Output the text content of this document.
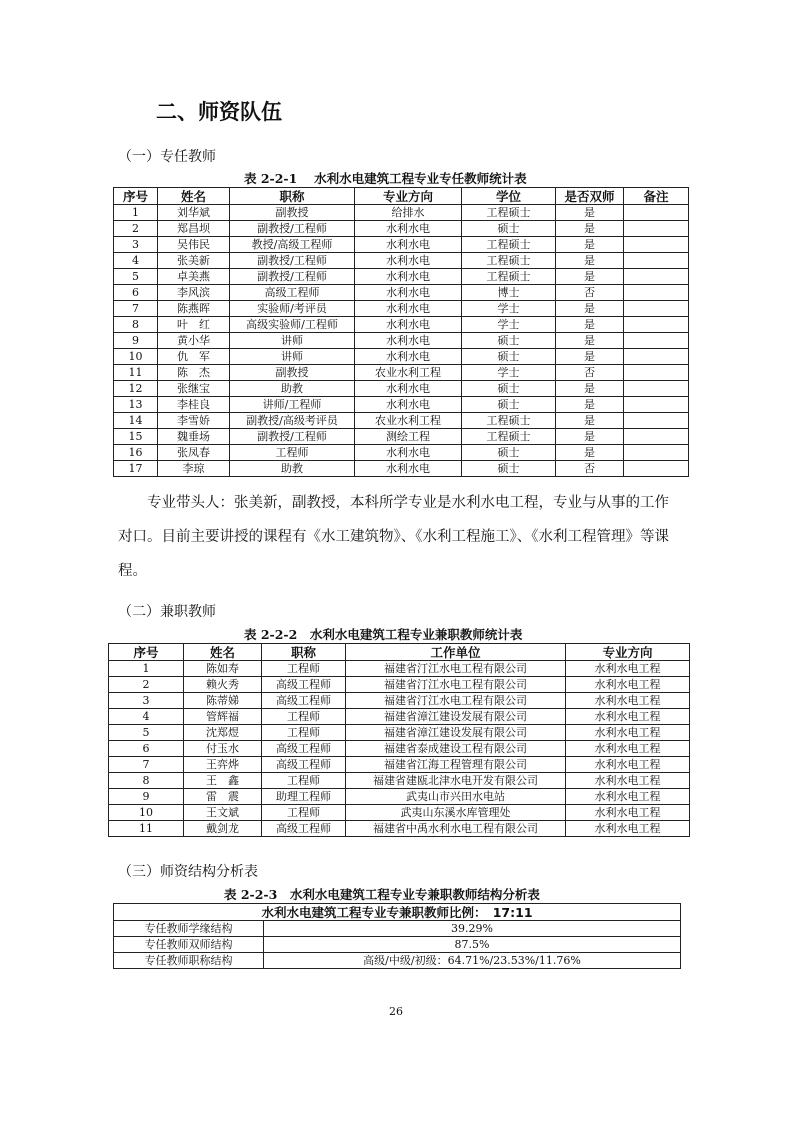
二、师资队伍
（一）专任教师
表 2-2-1　 水利水电建筑工程专业专任教师统计表
序号	姓名	职称	专业方向	学位	是否双师	备注
1	刘华斌	副教授	给排水	工程硕士	是	
2	郑昌坝	副教授/工程师	水利水电	硕士	是	
3	吴伟民	教授/高级工程师	水利水电	工程硕士	是	
4	张美新	副教授/工程师	水利水电	工程硕士	是	
5	卓美燕	副教授/工程师	水利水电	工程硕士	是	
6	李风滨	高级工程师	水利水电	博士	否	
7	陈燕晖	实验师/考评员	水利水电	学士	是	
8	叶　红	高级实验师/工程师	水利水电	学士	是	
9	黄小华	讲师	水利水电	硕士	是	
10	仇　军	讲师	水利水电	硕士	是	
11	陈　杰	副教授	农业水利工程	学士	否	
12	张继宝	助教	水利水电	硕士	是	
13	李桂良	讲师/工程师	水利水电	硕士	是	
14	李雪娇	副教授/高级考评员	农业水利工程	工程硕士	是	
15	魏垂场	副教授/工程师	测绘工程	工程硕士	是	
16	张凤春	工程师	水利水电	硕士	是	
17	李琼	助教	水利水电	硕士	否	

专业带头人：张美新，副教授，本科所学专业是水利水电工程，专业与从事的工作对口。目前主要讲授的课程有《水工建筑物》、《水利工程施工》、《水利工程管理》等课程。

（二）兼职教师
表 2-2-2　水利水电建筑工程专业兼职教师统计表
序号	姓名	职称	工作单位	专业方向
1	陈如寿	工程师	福建省汀江水电工程有限公司	水利水电工程
2	赖火秀	高级工程师	福建省汀江水电工程有限公司	水利水电工程
3	陈蒂娣	高级工程师	福建省汀江水电工程有限公司	水利水电工程
4	管辉福	工程师	福建省漳江建设发展有限公司	水利水电工程
5	沈郑煜	工程师	福建省漳江建设发展有限公司	水利水电工程
6	付玉水	高级工程师	福建省泰成建设工程有限公司	水利水电工程
7	王弈烨	高级工程师	福建省江海工程管理有限公司	水利水电工程
8	王　鑫	工程师	福建省建瓯北津水电开发有限公司	水利水电工程
9	雷　震	助理工程师	武夷山市兴田水电站	水利水电工程
10	王文斌	工程师	武夷山东溪水库管理处	水利水电工程
11	戴剑龙	高级工程师	福建省中禹水利水电工程有限公司	水利水电工程
（三）师资结构分析表
表 2-2-3　水利水电建筑工程专业专兼职教师结构分析表
水利水电建筑工程专业专兼职教师比例：　17:11	
专任教师学缘结构	39.29%
专任教师双师结构	87.5%
专任教师职称结构	高级/中级/初级：64.71%/23.53%/11.76%
26
